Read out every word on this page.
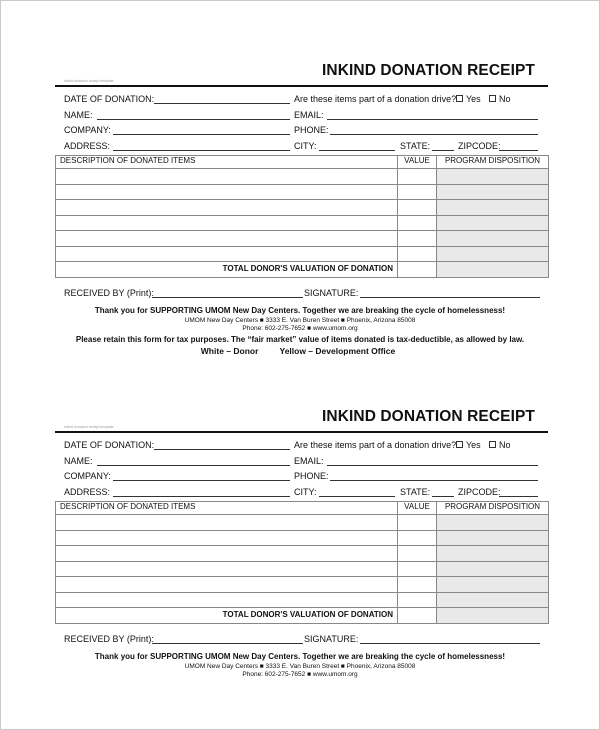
INKIND DONATION RECEIPT
Inkind donation receipt template
DATE OF DONATION:	Are these items part of a donation drive?	Yes	No
NAME:	EMAIL:
COMPANY:	PHONE:
ADDRESS:	CITY:	STATE:	ZIPCODE:
DESCRIPTION OF DONATED ITEMS	VALUE	PROGRAM DISPOSITION

TOTAL DONOR'S VALUATION OF DONATION		
RECEIVED BY (Print):	SIGNATURE:
Thank you for SUPPORTING UMOM New Day Centers. Together we are breaking the cycle of homelessness!
UMOM New Day Centers ■ 3333 E. Van Buren Street ■ Phoenix, Arizona 85008
Phone: 602-275-7652 ■ www.umom.org
Please retain this form for tax purposes. The “fair market” value of items donated is tax-deductible, as allowed by law.
White – Donor         Yellow – Development Office
INKIND DONATION RECEIPT
Inkind donation receipt template
DATE OF DONATION:	Are these items part of a donation drive?	Yes	No
NAME:	EMAIL:
COMPANY:	PHONE:
ADDRESS:	CITY:	STATE:	ZIPCODE:
DESCRIPTION OF DONATED ITEMS	VALUE	PROGRAM DISPOSITION

TOTAL DONOR'S VALUATION OF DONATION		
RECEIVED BY (Print):	SIGNATURE:
Thank you for SUPPORTING UMOM New Day Centers. Together we are breaking the cycle of homelessness!
UMOM New Day Centers ■ 3333 E. Van Buren Street ■ Phoenix, Arizona 85008
Phone: 602-275-7652 ■ www.umom.org
